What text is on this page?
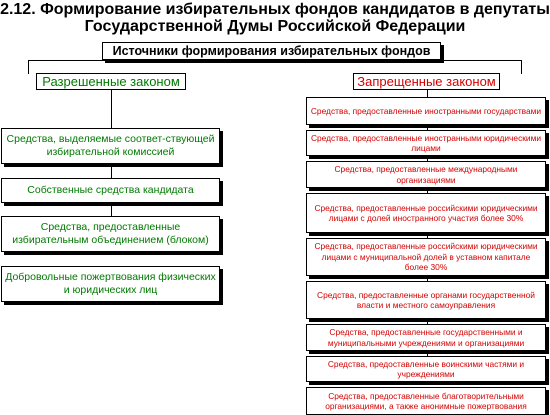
2.12. Формирование избирательных фондов кандидатов в депутаты
Государственной Думы Российской Федерации
Источники формирования избирательных фондов
Разрешенные законом	Запрещенные законом
Средства, выделяемые соответ-ствующей избирательной комиссией
Собственные средства кандидата
Средства, предоставленные избирательным объединением (блоком)
Добровольные пожертвования физических и юридических лиц
Средства, предоставленные иностранными государствами
Средства, предоставленные иностранными юридическими лицами
Средства, предоставленные международными организациями
Средства, предоставленные российскими юридическими лицами с долей иностранного участия более 30%
Средства, предоставленные российскими юридическими лицами с муниципальной долей в уставном капитале более 30%
Средства, предоставленные органами государственной власти и местного самоуправления
Средства, предоставленные государственными и муниципальными учреждениями и организациями
Средства, предоставленные воинскими частями и учреждениями
Средства, предоставленные благотворительными организациями, а также анонимные пожертвования
